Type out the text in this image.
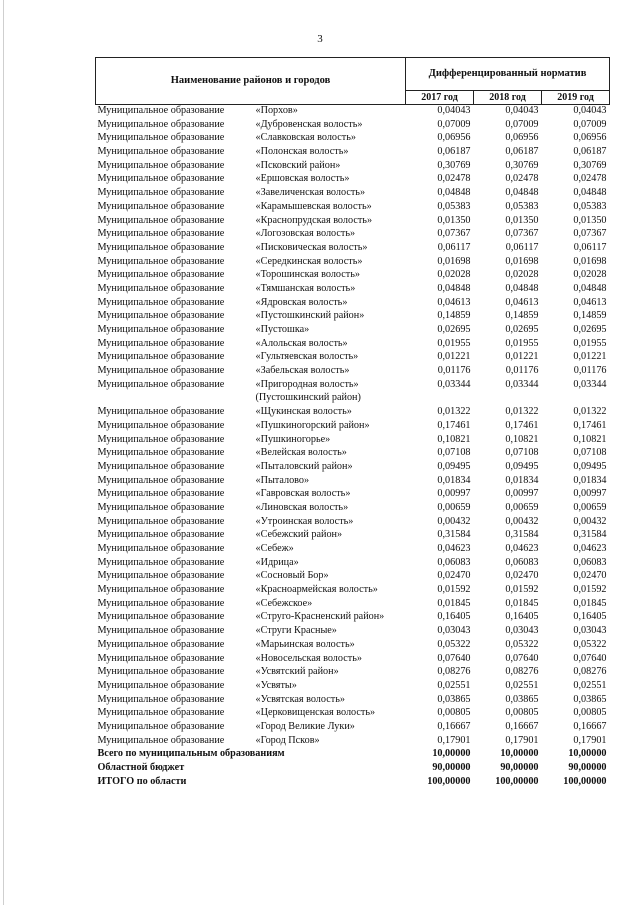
3
Наименование районов и городов		Дифференцированный норматив		
		2017 год	2018 год	2019 год
Муниципальное образование	«Порхов»	0,04043	0,04043	0,04043
Муниципальное образование	«Дубровенская волость»	0,07009	0,07009	0,07009
Муниципальное образование	«Славковская волость»	0,06956	0,06956	0,06956
Муниципальное образование	«Полонская волость»	0,06187	0,06187	0,06187
Муниципальное образование	«Псковский район»	0,30769	0,30769	0,30769
Муниципальное образование	«Ершовская волость»	0,02478	0,02478	0,02478
Муниципальное образование	«Завеличенская волость»	0,04848	0,04848	0,04848
Муниципальное образование	«Карамышевская волость»	0,05383	0,05383	0,05383
Муниципальное образование	«Краснопрудская волость»	0,01350	0,01350	0,01350
Муниципальное образование	«Логозовская волость»	0,07367	0,07367	0,07367
Муниципальное образование	«Писковическая волость»	0,06117	0,06117	0,06117
Муниципальное образование	«Середкинская волость»	0,01698	0,01698	0,01698
Муниципальное образование	«Торошинская волость»	0,02028	0,02028	0,02028
Муниципальное образование	«Тямшанская волость»	0,04848	0,04848	0,04848
Муниципальное образование	«Ядровская волость»	0,04613	0,04613	0,04613
Муниципальное образование	«Пустошкинский район»	0,14859	0,14859	0,14859
Муниципальное образование	«Пустошка»	0,02695	0,02695	0,02695
Муниципальное образование	«Алольская волость»	0,01955	0,01955	0,01955
Муниципальное образование	«Гультяевская волость»	0,01221	0,01221	0,01221
Муниципальное образование	«Забельская волость»	0,01176	0,01176	0,01176
Муниципальное образование	«Пригородная волость»	0,03344	0,03344	0,03344
	(Пустошкинский район)			
Муниципальное образование	«Щукинская волость»	0,01322	0,01322	0,01322
Муниципальное образование	«Пушкиногорский район»	0,17461	0,17461	0,17461
Муниципальное образование	«Пушкиногорье»	0,10821	0,10821	0,10821
Муниципальное образование	«Велейская волость»	0,07108	0,07108	0,07108
Муниципальное образование	«Пыталовский район»	0,09495	0,09495	0,09495
Муниципальное образование	«Пыталово»	0,01834	0,01834	0,01834
Муниципальное образование	«Гавровская волость»	0,00997	0,00997	0,00997
Муниципальное образование	«Линовская волость»	0,00659	0,00659	0,00659
Муниципальное образование	«Утроинская волость»	0,00432	0,00432	0,00432
Муниципальное образование	«Себежский район»	0,31584	0,31584	0,31584
Муниципальное образование	«Себеж»	0,04623	0,04623	0,04623
Муниципальное образование	«Идрица»	0,06083	0,06083	0,06083
Муниципальное образование	«Сосновый Бор»	0,02470	0,02470	0,02470
Муниципальное образование	«Красноармейская волость»	0,01592	0,01592	0,01592
Муниципальное образование	«Себежское»	0,01845	0,01845	0,01845
Муниципальное образование	«Струго-Красненский район»	0,16405	0,16405	0,16405
Муниципальное образование	«Струги Красные»	0,03043	0,03043	0,03043
Муниципальное образование	«Марьинская волость»	0,05322	0,05322	0,05322
Муниципальное образование	«Новосельская волость»	0,07640	0,07640	0,07640
Муниципальное образование	«Усвятский район»	0,08276	0,08276	0,08276
Муниципальное образование	«Усвяты»	0,02551	0,02551	0,02551
Муниципальное образование	«Усвятская волость»	0,03865	0,03865	0,03865
Муниципальное образование	«Церковищенская волость»	0,00805	0,00805	0,00805
Муниципальное образование	«Город Великие Луки»	0,16667	0,16667	0,16667
Муниципальное образование	«Город Псков»	0,17901	0,17901	0,17901
Всего по муниципальным образованиям		10,00000	10,00000	10,00000
Областной бюджет		90,00000	90,00000	90,00000
ИТОГО по области		100,00000	100,00000	100,00000
